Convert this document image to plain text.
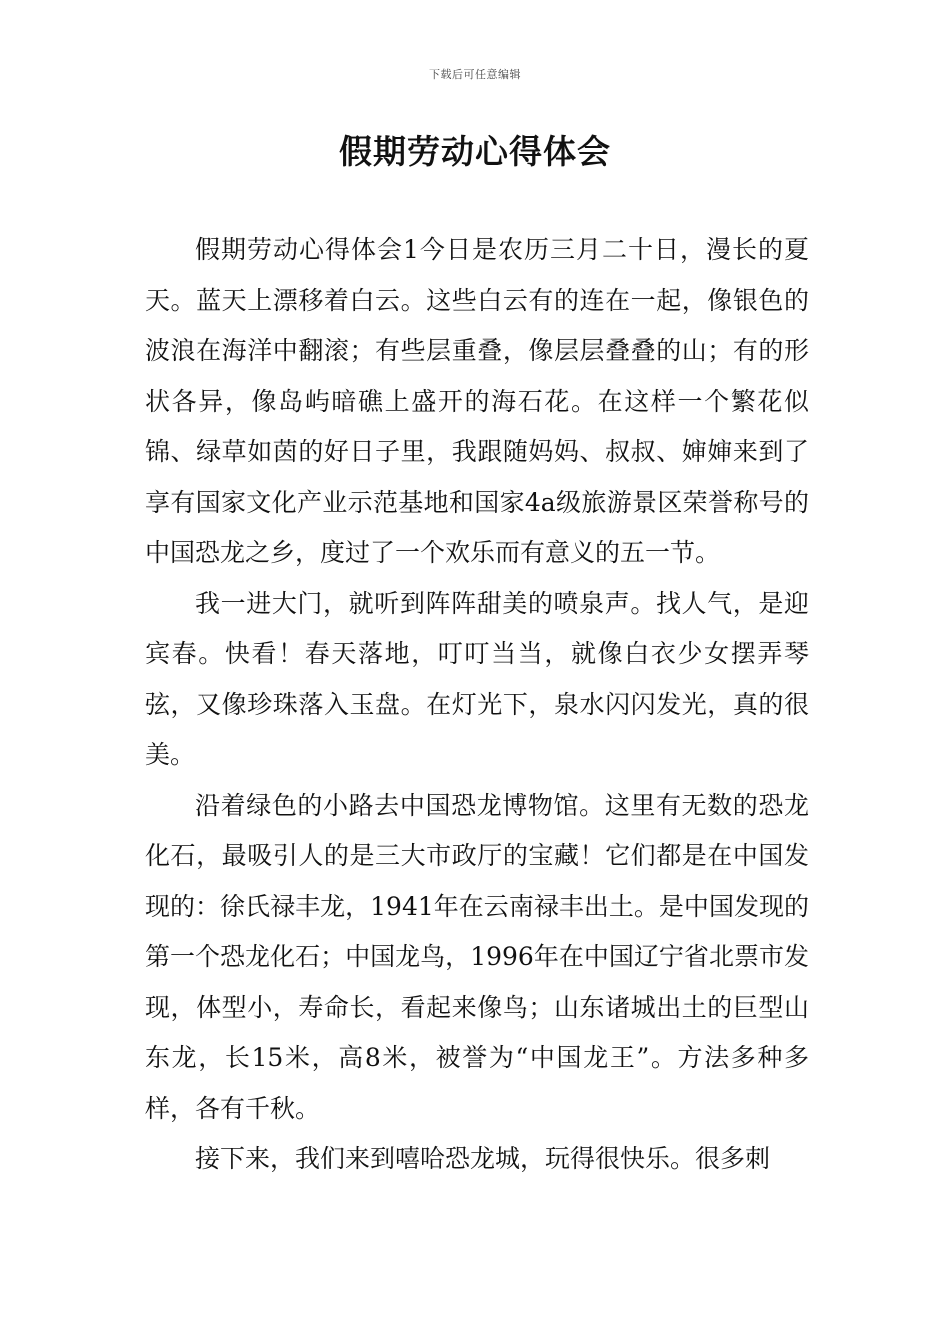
下载后可任意编辑
假期劳动心得体会

假期劳动心得体会1今日是农历三月二十日，漫长的夏天。蓝天上漂移着白云。这些白云有的连在一起，像银色的波浪在海洋中翻滚；有些层重叠，像层层叠叠的山；有的形状各异，像岛屿暗礁上盛开的海石花。在这样一个繁花似锦、绿草如茵的好日子里，我跟随妈妈、叔叔、婶婶来到了享有国家文化产业示范基地和国家4a级旅游景区荣誉称号的中国恐龙之乡，度过了一个欢乐而有意义的五一节。

我一进大门，就听到阵阵甜美的喷泉声。找人气，是迎宾春。快看！春天落地，叮叮当当，就像白衣少女摆弄琴弦，又像珍珠落入玉盘。在灯光下，泉水闪闪发光，真的很美。

沿着绿色的小路去中国恐龙博物馆。这里有无数的恐龙化石，最吸引人的是三大市政厅的宝藏！它们都是在中国发现的：徐氏禄丰龙，1941年在云南禄丰出土。是中国发现的第一个恐龙化石；中国龙鸟，1996年在中国辽宁省北票市发现，体型小，寿命长，看起来像鸟；山东诸城出土的巨型山东龙，长15米，高8米，被誉为“中国龙王”。方法多种多样，各有千秋。

接下来，我们来到嘻哈恐龙城，玩得很快乐。很多刺
